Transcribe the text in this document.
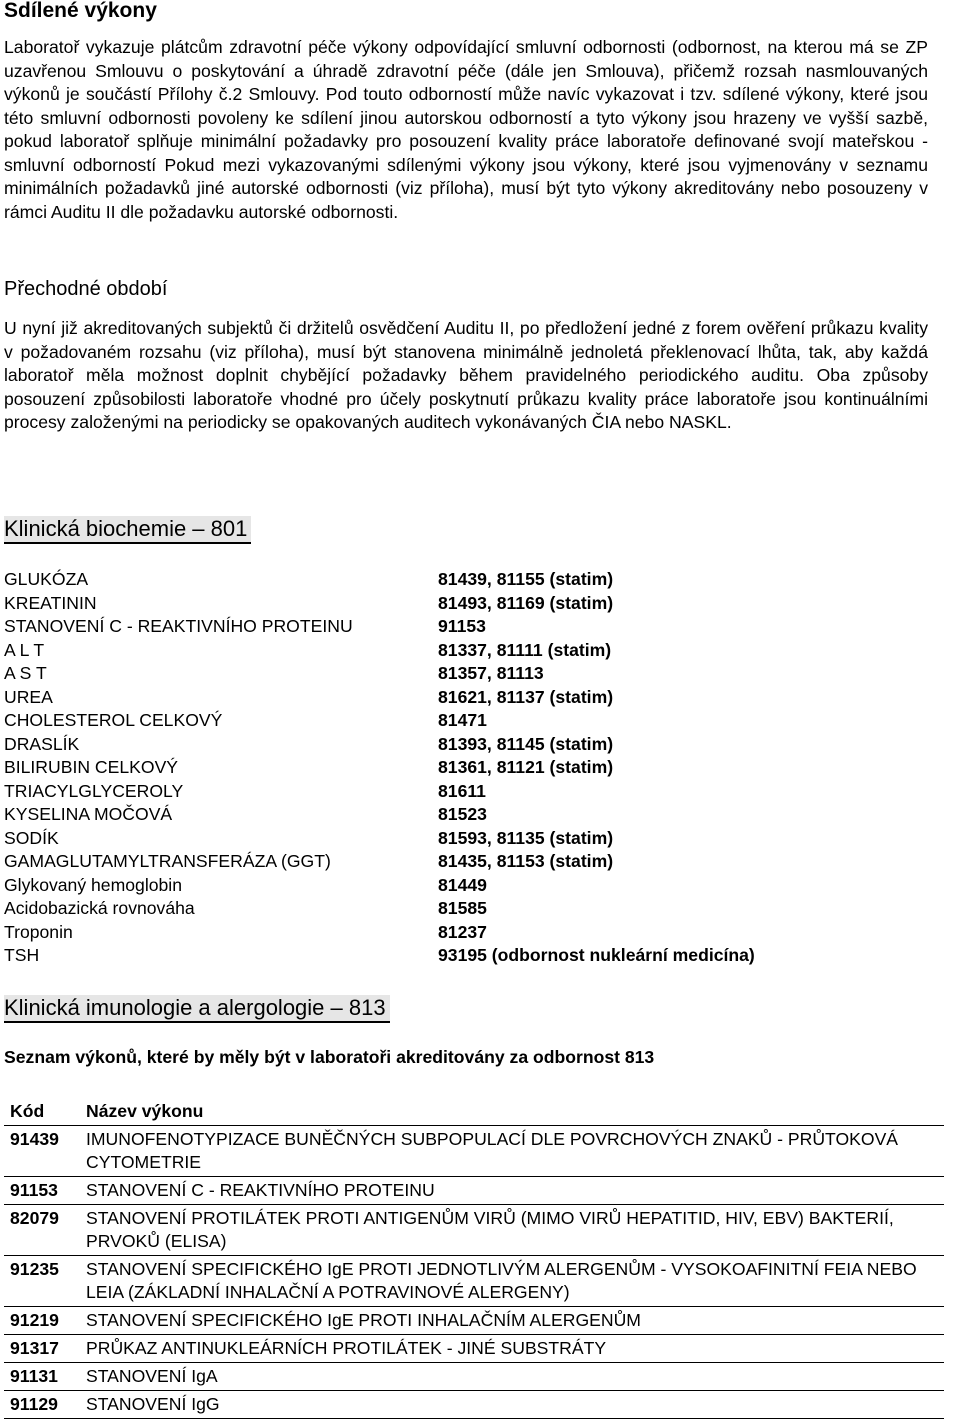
Sdílené výkony

Laboratoř vykazuje plátcům zdravotní péče výkony odpovídající smluvní odbornosti (odbornost, na kterou má se ZP uzavřenou Smlouvu o poskytování a úhradě zdravotní péče (dále jen Smlouva), přičemž rozsah nasmlouvaných výkonů je součástí Přílohy č.2 Smlouvy. Pod touto odborností může navíc vykazovat i tzv. sdílené výkony, které jsou této smluvní odbornosti povoleny ke sdílení jinou autorskou odborností a tyto výkony jsou hrazeny ve vyšší sazbě, pokud laboratoř splňuje minimální požadavky pro posouzení kvality práce laboratoře definované svojí mateřskou - smluvní odborností Pokud mezi vykazovanými sdílenými výkony jsou výkony, které jsou vyjmenovány v seznamu minimálních požadavků jiné autorské odbornosti (viz příloha), musí být tyto výkony akreditovány nebo posouzeny v rámci Auditu II dle požadavku autorské odbornosti.

Přechodné období

U nyní již akreditovaných subjektů či držitelů osvědčení Auditu II, po předložení jedné z forem ověření průkazu kvality v požadovaném rozsahu (viz příloha), musí být stanovena minimálně jednoletá překlenovací lhůta, tak, aby každá laboratoř měla možnost doplnit chybějící požadavky během pravidelného periodického auditu. Oba způsoby posouzení způsobilosti laboratoře vhodné pro účely poskytnutí průkazu kvality práce laboratoře jsou kontinuálními procesy založenými na periodicky se opakovaných auditech vykonávaných ČIA nebo NASKL.

Klinická biochemie – 801
GLUKÓZA	81439, 81155 (statim)
KREATININ	81493, 81169 (statim)
STANOVENÍ C - REAKTIVNÍHO PROTEINU	91153
A L T	81337, 81111 (statim)
A S T	81357, 81113
UREA	81621, 81137 (statim)
CHOLESTEROL CELKOVÝ	81471
DRASLÍK	81393, 81145 (statim)
BILIRUBIN CELKOVÝ	81361, 81121 (statim)
TRIACYLGLYCEROLY	81611
KYSELINA MOČOVÁ	81523
SODÍK	81593, 81135 (statim)
GAMAGLUTAMYLTRANSFERÁZA (GGT)	81435, 81153 (statim)
Glykovaný hemoglobin	81449
Acidobazická rovnováha	81585
Troponin	81237
TSH	93195 (odbornost nukleární medicína)
Klinická imunologie a alergologie – 813
Seznam výkonů, které by měly být v laboratoři akreditovány za odbornost 813
Kód	Název výkonu
91439	IMUNOFENOTYPIZACE BUNĚČNÝCH SUBPOPULACÍ DLE POVRCHOVÝCH ZNAKŮ - PRŮTOKOVÁ CYTOMETRIE
91153	STANOVENÍ C - REAKTIVNÍHO PROTEINU
82079	STANOVENÍ PROTILÁTEK PROTI ANTIGENŮM VIRŮ (MIMO VIRŮ HEPATITID, HIV, EBV) BAKTERIÍ, PRVOKŮ (ELISA)
91235	STANOVENÍ SPECIFICKÉHO IgE PROTI JEDNOTLIVÝM ALERGENŮM - VYSOKOAFINITNÍ FEIA NEBO LEIA (ZÁKLADNÍ INHALAČNÍ A POTRAVINOVÉ ALERGENY)
91219	STANOVENÍ SPECIFICKÉHO IgE PROTI INHALAČNÍM ALERGENŮM
91317	PRŮKAZ ANTINUKLEÁRNÍCH PROTILÁTEK - JINÉ SUBSTRÁTY
91131	STANOVENÍ IgA
91129	STANOVENÍ IgG
